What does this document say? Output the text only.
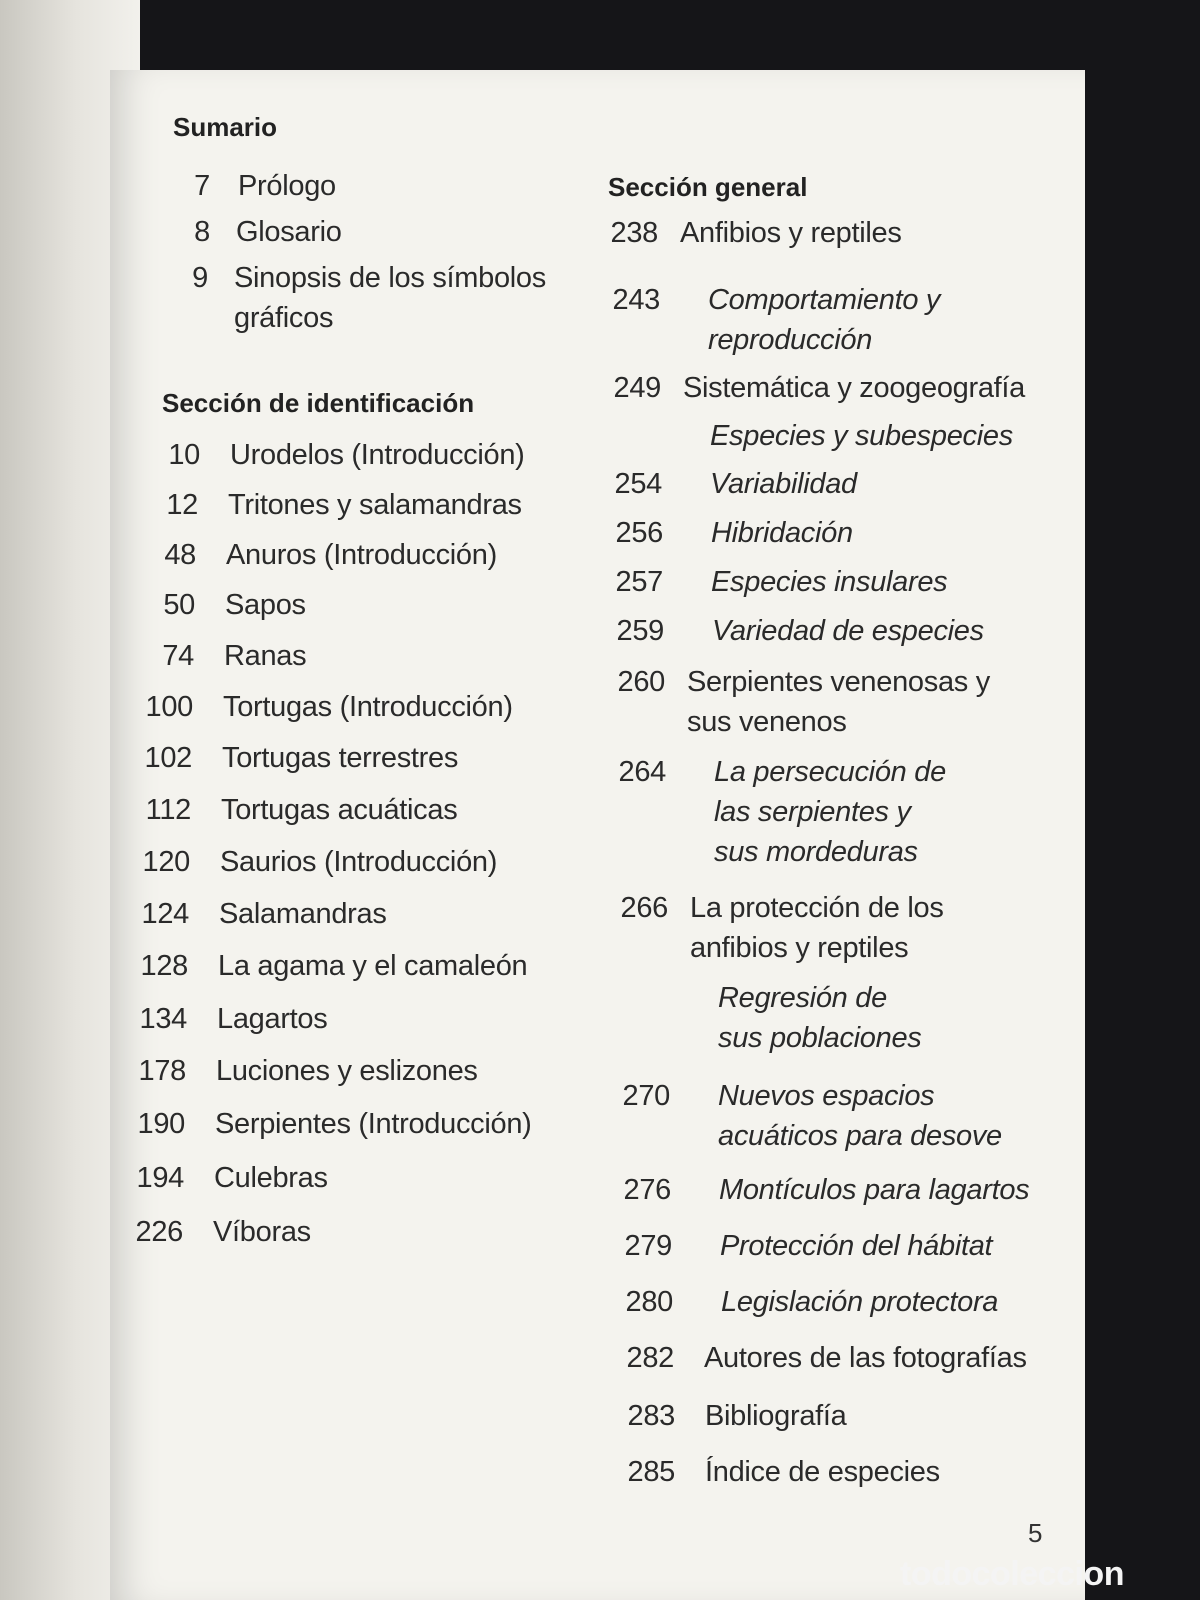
Sumario
7 Prólogo
8 Glosario
9 Sinopsis de los símbolos gráficos
Sección de identificación
10 Urodelos (Introducción)
12 Tritones y salamandras
48 Anuros (Introducción)
50 Sapos
74 Ranas
100 Tortugas (Introducción)
102 Tortugas terrestres
112 Tortugas acuáticas
120 Saurios (Introducción)
124 Salamandras
128 La agama y el camaleón
134 Lagartos
178 Luciones y eslizones
190 Serpientes (Introducción)
194 Culebras
226 Víboras
Sección general
238 Anfibios y reptiles
243 Comportamiento y reproducción
249 Sistemática y zoogeografía
Especies y subespecies
254 Variabilidad
256 Hibridación
257 Especies insulares
259 Variedad de especies
260 Serpientes venenosas y sus venenos
264 La persecución de las serpientes y sus mordeduras
266 La protección de los anfibios y reptiles
Regresión de sus poblaciones
270 Nuevos espacios acuáticos para desove
276 Montículos para lagartos
279 Protección del hábitat
280 Legislación protectora
282 Autores de las fotografías
283 Bibliografía
285 Índice de especies
5
todocoleccion
